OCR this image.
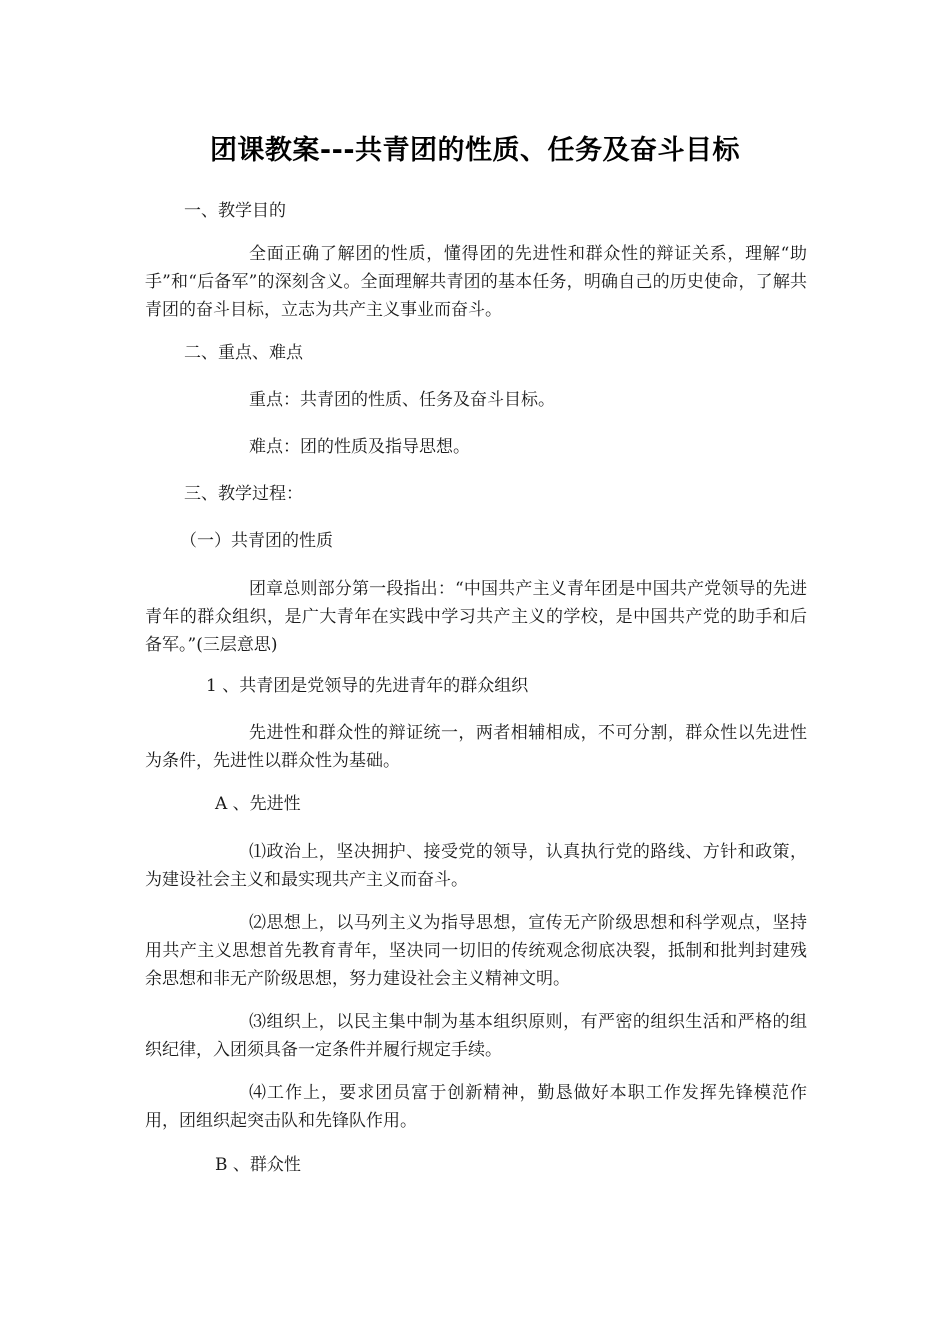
团课教案---共青团的性质、任务及奋斗目标
一、教学目的
全面正确了解团的性质，懂得团的先进性和群众性的辩证关系，理解“助手”和“后备军”的深刻含义。全面理解共青团的基本任务，明确自己的历史使命，了解共青团的奋斗目标，立志为共产主义事业而奋斗。
二、重点、难点
重点：共青团的性质、任务及奋斗目标。
难点：团的性质及指导思想。
三、教学过程：
（一）共青团的性质
团章总则部分第一段指出：“中国共产主义青年团是中国共产党领导的先进青年的群众组织，是广大青年在实践中学习共产主义的学校，是中国共产党的助手和后备军。”(三层意思)
1 、共青团是党领导的先进青年的群众组织
先进性和群众性的辩证统一，两者相辅相成，不可分割，群众性以先进性为条件，先进性以群众性为基础。
A 、先进性
⑴政治上，坚决拥护、接受党的领导，认真执行党的路线、方针和政策，为建设社会主义和最实现共产主义而奋斗。
⑵思想上，以马列主义为指导思想，宣传无产阶级思想和科学观点，坚持用共产主义思想首先教育青年，坚决同一切旧的传统观念彻底决裂，抵制和批判封建残余思想和非无产阶级思想，努力建设社会主义精神文明。
⑶组织上，以民主集中制为基本组织原则，有严密的组织生活和严格的组织纪律，入团须具备一定条件并履行规定手续。
⑷工作上，要求团员富于创新精神，勤恳做好本职工作发挥先锋模范作用，团组织起突击队和先锋队作用。
B 、群众性
